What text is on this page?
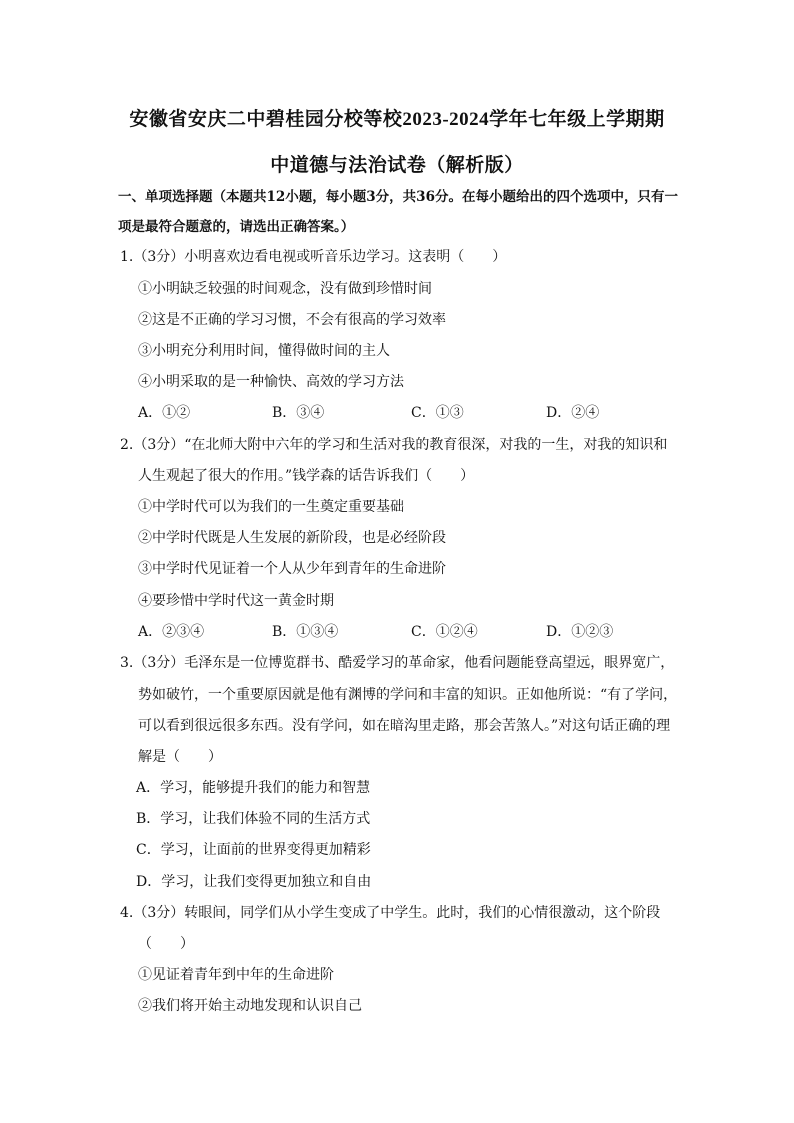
安徽省安庆二中碧桂园分校等校2023-2024学年七年级上学期期
中道德与法治试卷（解析版）
一、单项选择题（本题共12小题，每小题3分，共36分。在每小题给出的四个选项中，只有一项是最符合题意的，请选出正确答案。）
1.（3分）小明喜欢边看电视或听音乐边学习。这表明（　　）
①小明缺乏较强的时间观念，没有做到珍惜时间
②这是不正确的学习习惯，不会有很高的学习效率
③小明充分利用时间，懂得做时间的主人
④小明采取的是一种愉快、高效的学习方法
A．①②	B．③④	C．①③	D．②④
2.（3分）“在北师大附中六年的学习和生活对我的教育很深，对我的一生，对我的知识和
人生观起了很大的作用。”钱学森的话告诉我们（　　）
①中学时代可以为我们的一生奠定重要基础
②中学时代既是人生发展的新阶段，也是必经阶段
③中学时代见证着一个人从少年到青年的生命进阶
④要珍惜中学时代这一黄金时期
A．②③④	B．①③④	C．①②④	D．①②③
3.（3分）毛泽东是一位博览群书、酷爱学习的革命家，他看问题能登高望远，眼界宽广，
势如破竹，一个重要原因就是他有渊博的学问和丰富的知识。正如他所说：“有了学问，
可以看到很远很多东西。没有学问，如在暗沟里走路，那会苦煞人。”对这句话正确的理
解是（　　）
A．学习，能够提升我们的能力和智慧
B．学习，让我们体验不同的生活方式
C．学习，让面前的世界变得更加精彩
D．学习，让我们变得更加独立和自由
4.（3分）转眼间，同学们从小学生变成了中学生。此时，我们的心情很激动，这个阶段
（　　）
①见证着青年到中年的生命进阶
②我们将开始主动地发现和认识自己
